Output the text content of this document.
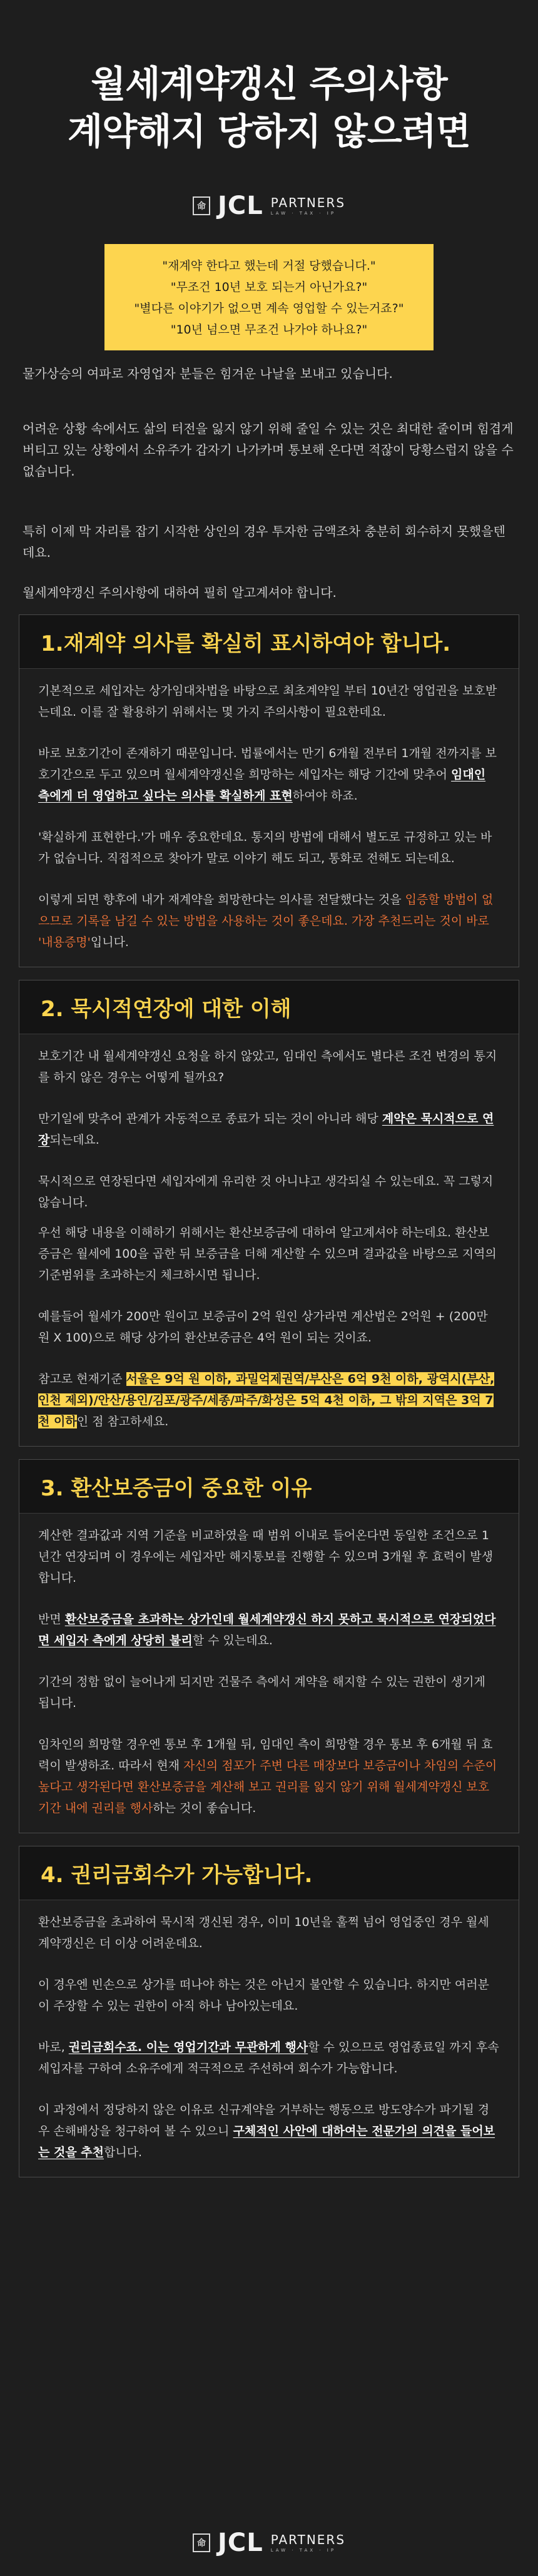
월세계약갱신 주의사항
계약해지 당하지 않으려면
命 JCL PARTNERS
LAW · TAX · IP

"재계약 한다고 했는데 거절 당했습니다."

"무조건 10년 보호 되는거 아닌가요?"

"별다른 이야기가 없으면 계속 영업할 수 있는거죠?"

"10년 넘으면 무조건 나가야 하나요?"

물가상승의 여파로 자영업자 분들은 힘겨운 나날을 보내고 있습니다.

어려운 상황 속에서도 삶의 터전을 잃지 않기 위해 줄일 수 있는 것은 최대한 줄이며 힘겹게 버티고 있는 상황에서 소유주가 갑자기 나가카며 통보해 온다면 적잖이 당황스럽지 않을 수 없습니다.

특히 이제 막 자리를 잡기 시작한 상인의 경우 투자한 금액조차 충분히 회수하지 못했을텐데요.

월세계약갱신 주의사항에 대하여 필히 알고계셔야 합니다.

1.재계약 의사를 확실히 표시하여야 합니다.

기본적으로 세입자는 상가임대차법을 바탕으로 최초계약일 부터 10년간 영업권을 보호받는데요. 이를 잘 활용하기 위해서는 몇 가지 주의사항이 필요한데요.

바로 보호기간이 존재하기 때문입니다. 법률에서는 만기 6개월 전부터 1개월 전까지를 보호기간으로 두고 있으며 월세계약갱신을 희망하는 세입자는 해당 기간에 맞추어 임대인 측에게 더 영업하고 싶다는 의사를 확실하게 표현하여야 하죠.

'확실하게 표현한다.'가 매우 중요한데요. 통지의 방법에 대해서 별도로 규정하고 있는 바가 없습니다. 직접적으로 찾아가 말로 이야기 해도 되고, 통화로 전해도 되는데요.

이렇게 되면 향후에 내가 재계약을 희망한다는 의사를 전달했다는 것을 입증할 방법이 없으므로 기록을 남길 수 있는 방법을 사용하는 것이 좋은데요. 가장 추천드리는 것이 바로 '내용증명'입니다.

2. 묵시적연장에 대한 이해

보호기간 내 월세계약갱신 요청을 하지 않았고, 임대인 측에서도 별다른 조건 변경의 통지를 하지 않은 경우는 어떻게 될까요?

만기일에 맞추어 관계가 자동적으로 종료가 되는 것이 아니라 해당 계약은 묵시적으로 연장되는데요.

묵시적으로 연장된다면 세입자에게 유리한 것 아니냐고 생각되실 수 있는데요. 꼭 그렇지 않습니다.

우선 해당 내용을 이해하기 위해서는 환산보증금에 대하여 알고계셔야 하는데요. 환산보증금은 월세에 100을 곱한 뒤 보증금을 더해 계산할 수 있으며 결과값을 바탕으로 지역의 기준범위를 초과하는지 체크하시면 됩니다.

예를들어 월세가 200만 원이고 보증금이 2억 원인 상가라면 계산법은 2억원 + (200만 원 X 100)으로 해당 상가의 환산보증금은 4억 원이 되는 것이죠.

참고로 현재기준 서울은 9억 원 이하, 과밀억제권역/부산은 6억 9천 이하, 광역시(부산, 인천 제외)/안산/용인/김포/광주/세종/파주/화성은 5억 4천 이하, 그 밖의 지역은 3억 7천 이하인 점 참고하세요.

3. 환산보증금이 중요한 이유

계산한 결과값과 지역 기준을 비교하였을 때 범위 이내로 들어온다면 동일한 조건으로 1년간 연장되며 이 경우에는 세입자만 해지통보를 진행할 수 있으며 3개월 후 효력이 발생합니다.

반면 환산보증금을 초과하는 상가인데 월세계약갱신 하지 못하고 묵시적으로 연장되었다면 세입자 측에게 상당히 불리할 수 있는데요.

기간의 정함 없이 늘어나게 되지만 건물주 측에서 계약을 해지할 수 있는 권한이 생기게 됩니다.

임차인의 희망할 경우엔 통보 후 1개월 뒤, 임대인 측이 희망할 경우 통보 후 6개월 뒤 효력이 발생하죠. 따라서 현재 자신의 점포가 주변 다른 매장보다 보증금이나 차임의 수준이 높다고 생각된다면 환산보증금을 계산해 보고 권리를 잃지 않기 위해 월세계약갱신 보호기간 내에 권리를 행사하는 것이 좋습니다.

4. 권리금회수가 가능합니다.

환산보증금을 초과하여 묵시적 갱신된 경우, 이미 10년을 훌쩍 넘어 영업중인 경우 월세계약갱신은 더 이상 어려운데요.

이 경우엔 빈손으로 상가를 떠나야 하는 것은 아닌지 불안할 수 있습니다. 하지만 여러분이 주장할 수 있는 권한이 아직 하나 남아있는데요.

바로, 권리금회수죠. 이는 영업기간과 무관하게 행사할 수 있으므로 영업종료일 까지 후속세입자를 구하여 소유주에게 적극적으로 주선하여 회수가 가능합니다.

이 과정에서 정당하지 않은 이유로 신규계약을 거부하는 행동으로 방도양수가 파기될 경우 손해배상을 청구하여 볼 수 있으니 구체적인 사안에 대하여는 전문가의 의견을 들어보는 것을 추천합니다.

命 JCL PARTNERS
LAW · TAX · IP
